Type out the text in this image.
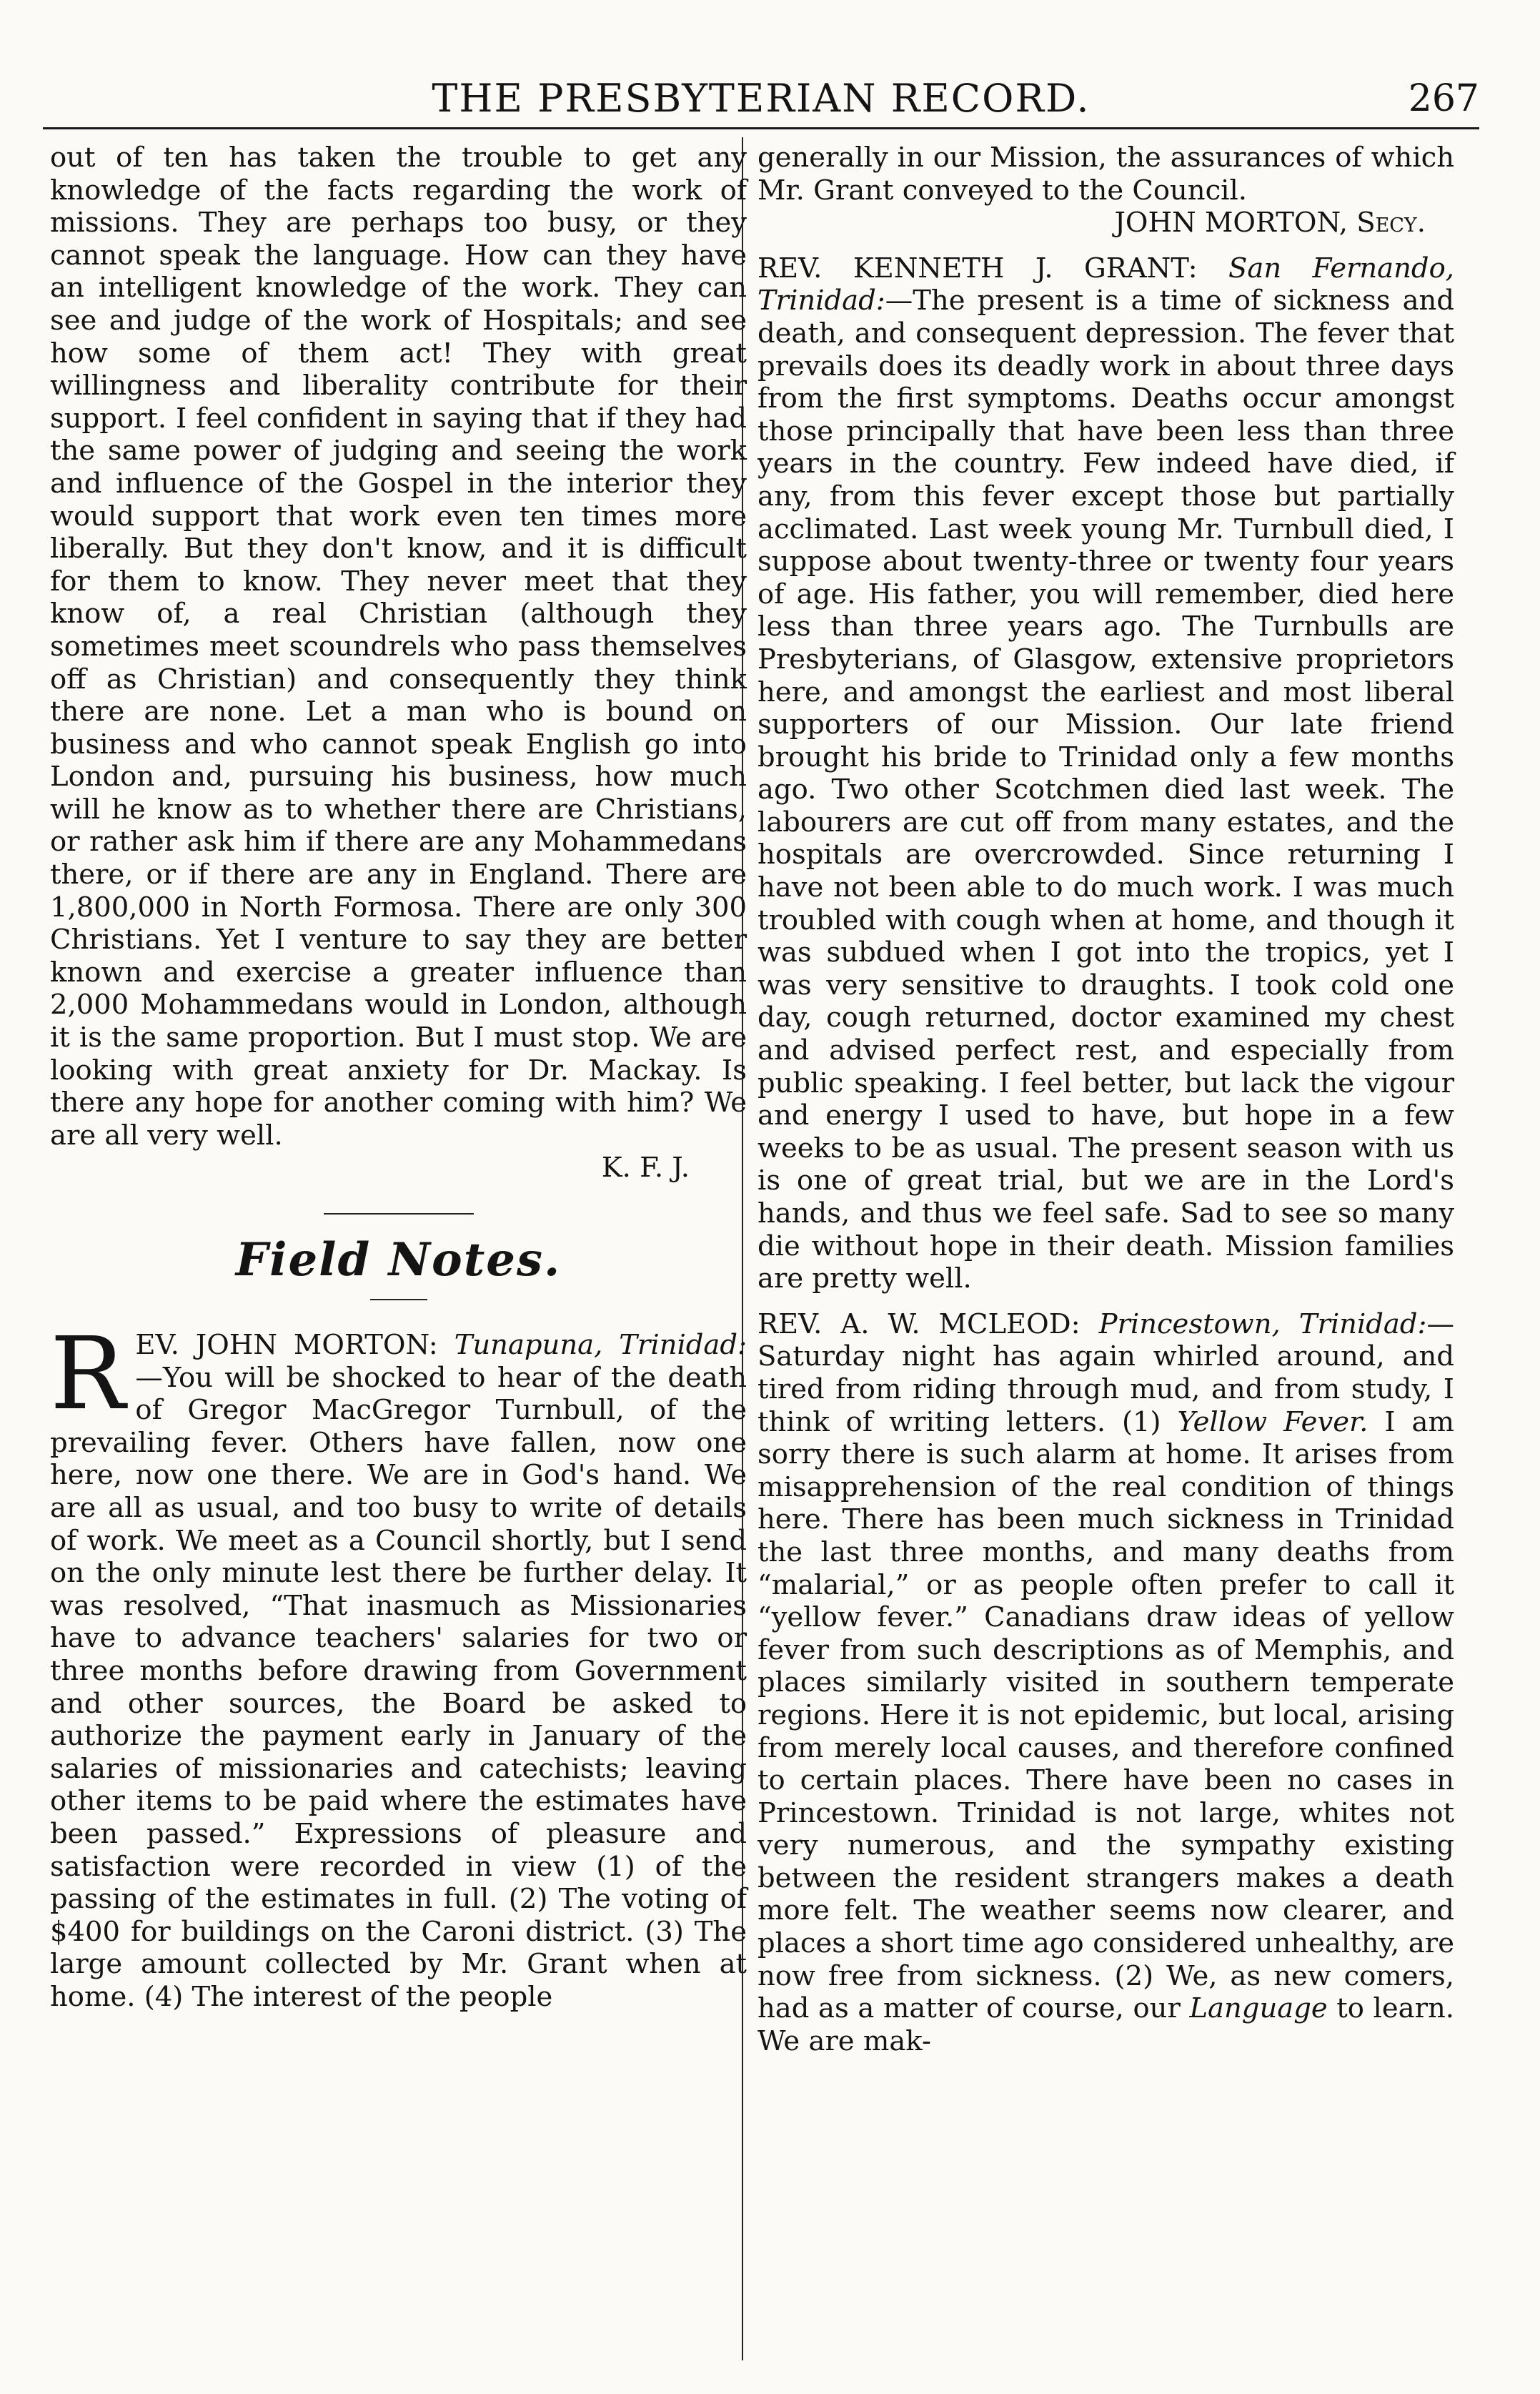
THE PRESBYTERIAN RECORD.	267

out of ten has taken the trouble to get any knowledge of the facts regarding the work of missions. They are perhaps too busy, or they cannot speak the language. How can they have an intelligent knowledge of the work. They can see and judge of the work of Hospitals; and see how some of them act! They with great willingness and liberality contribute for their support. I feel confident in saying that if they had the same power of judging and seeing the work and influence of the Gospel in the interior they would support that work even ten times more liberally. But they don't know, and it is difficult for them to know. They never meet that they know of, a real Christian (although they sometimes meet scoundrels who pass themselves off as Christian) and consequently they think there are none. Let a man who is bound on business and who cannot speak English go into London and, pursuing his business, how much will he know as to whether there are Christians, or rather ask him if there are any Mohammedans there, or if there are any in England. There are 1,800,000 in North Formosa. There are only 300 Christians. Yet I venture to say they are better known and exercise a greater influence than 2,000 Mohammedans would in London, although it is the same proportion. But I must stop. We are looking with great anxiety for Dr. Mackay. Is there any hope for another coming with him? We are all very well.

K. F. J.

Field Notes.

REV. JOHN MORTON: Tunapuna, Trinidad: —You will be shocked to hear of the death of Gregor MacGregor Turnbull, of the prevailing fever. Others have fallen, now one here, now one there. We are in God's hand. We are all as usual, and too busy to write of details of work. We meet as a Council shortly, but I send on the only minute lest there be further delay. It was resolved, “That inasmuch as Missionaries have to advance teachers' salaries for two or three months before drawing from Government and other sources, the Board be asked to authorize the payment early in January of the salaries of missionaries and catechists; leaving other items to be paid where the estimates have been passed.” Expressions of pleasure and satisfaction were recorded in view (1) of the passing of the estimates in full. (2) The voting of $400 for buildings on the Caroni district. (3) The large amount collected by Mr. Grant when at home. (4) The interest of the people

generally in our Mission, the assurances of which Mr. Grant conveyed to the Council.

JOHN MORTON, Secy.

REV. KENNETH J. GRANT: San Fernando, Trinidad:—The present is a time of sickness and death, and consequent depression. The fever that prevails does its deadly work in about three days from the first symptoms. Deaths occur amongst those principally that have been less than three years in the country. Few indeed have died, if any, from this fever except those but partially acclimated. Last week young Mr. Turnbull died, I suppose about twenty-three or twenty four years of age. His father, you will remember, died here less than three years ago. The Turnbulls are Presbyterians, of Glasgow, extensive proprietors here, and amongst the earliest and most liberal supporters of our Mission. Our late friend brought his bride to Trinidad only a few months ago. Two other Scotchmen died last week. The labourers are cut off from many estates, and the hospitals are overcrowded. Since returning I have not been able to do much work. I was much troubled with cough when at home, and though it was subdued when I got into the tropics, yet I was very sensitive to draughts. I took cold one day, cough returned, doctor examined my chest and advised perfect rest, and especially from public speaking. I feel better, but lack the vigour and energy I used to have, but hope in a few weeks to be as usual. The present season with us is one of great trial, but we are in the Lord's hands, and thus we feel safe. Sad to see so many die without hope in their death. Mission families are pretty well.

REV. A. W. MCLEOD: Princestown, Trinidad:—Saturday night has again whirled around, and tired from riding through mud, and from study, I think of writing letters. (1) Yellow Fever. I am sorry there is such alarm at home. It arises from misapprehension of the real condition of things here. There has been much sickness in Trinidad the last three months, and many deaths from “malarial,” or as people often prefer to call it “yellow fever.” Canadians draw ideas of yellow fever from such descriptions as of Memphis, and places similarly visited in southern temperate regions. Here it is not epidemic, but local, arising from merely local causes, and therefore confined to certain places. There have been no cases in Princestown. Trinidad is not large, whites not very numerous, and the sympathy existing between the resident strangers makes a death more felt. The weather seems now clearer, and places a short time ago considered unhealthy, are now free from sickness. (2) We, as new comers, had as a matter of course, our Language to learn. We are mak-
